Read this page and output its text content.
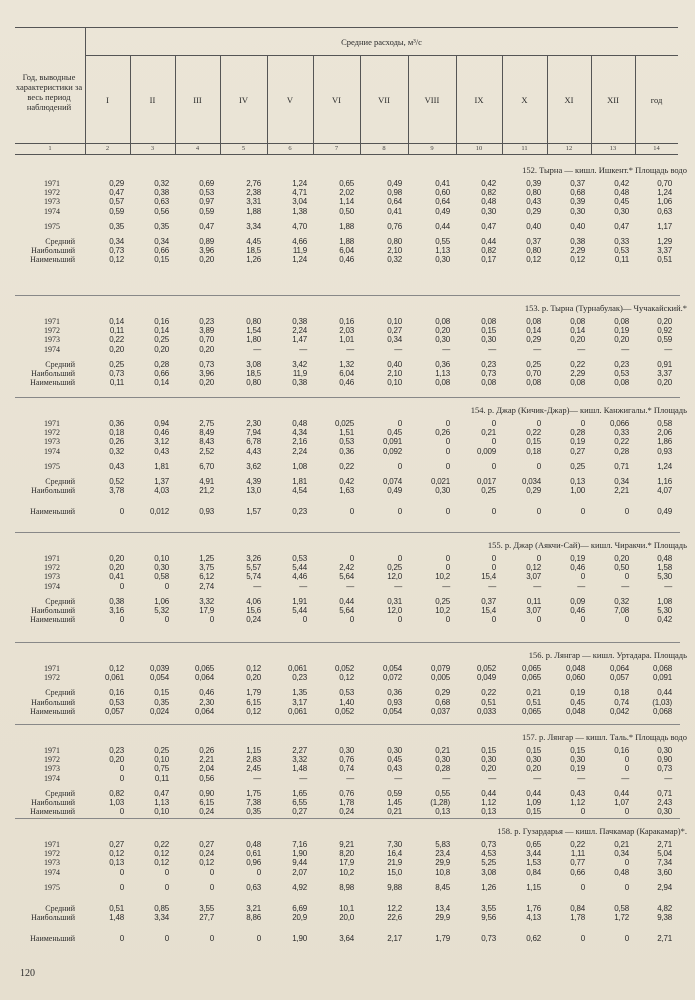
Год, выводные характеристики за весь период наблюдений
Средние расходы, м³/с
I	II	III	IV	V	VI	VII	VIII	IX	X	XI	XII	год
1	2	3	4	5	6	7	8	9	10	11	12	13	14
152. Тырна — кишл. Ишкент.* Площадь водо
1971	0,29	0,32	0,69	2,76	1,24	0,65	0,49	0,41	0,42	0,39	0,37	0,42	0,70
1972	0,47	0,38	0,53	2,38	4,71	2,02	0,98	0,60	0,82	0,80	0,68	0,48	1,24
1973	0,57	0,63	0,97	3,31	3,04	1,14	0,64	0,64	0,48	0,43	0,39	0,45	1,06
1974	0,59	0,56	0,59	1,88	1,38	0,50	0,41	0,49	0,30	0,29	0,30	0,30	0,63
1975	0,35	0,35	0,47	3,34	4,70	1,88	0,76	0,44	0,47	0,40	0,40	0,47	1,17
Средний	0,34	0,34	0,89	4,45	4,66	1,88	0,80	0,55	0,44	0,37	0,38	0,33	1,29
Наибольший	0,73	0,66	3,96	18,5	11,9	6,04	2,10	1,13	0,82	0,80	2,29	0,53	3,37
Наименьший	0,12	0,15	0,20	1,26	1,24	0,46	0,32	0,30	0,17	0,12	0,12	0,11	0,51
153. р. Тырна (Турнабулак)— Чучакайский.*
1971	0,14	0,16	0,23	0,80	0,38	0,16	0,10	0,08	0,08	0,08	0,08	0,08	0,20
1972	0,11	0,14	3,89	1,54	2,24	2,03	0,27	0,20	0,15	0,14	0,14	0,19	0,92
1973	0,22	0,25	0,70	1,80	1,47	1,01	0,34	0,30	0,30	0,29	0,20	0,20	0,59
1974	0,20	0,20	0,20	—	—	—	—	—	—	—	—	—	—
Средний	0,25	0,28	0,73	3,08	3,42	1,32	0,40	0,36	0,23	0,25	0,22	0,23	0,91
Наибольший	0,73	0,66	3,96	18,5	11,9	6,04	2,10	1,13	0,73	0,70	2,29	0,53	3,37
Наименьший	0,11	0,14	0,20	0,80	0,38	0,46	0,10	0,08	0,08	0,08	0,08	0,08	0,20
154. р. Джар (Кичик-Джар)— кишл. Канжигалы.* Площадь
1971	0,36	0,94	2,75	2,30	0,48	0,025	0	0	0	0	0	0,066	0,58
1972	0,18	0,46	8,49	7,94	4,34	1,51	0,45	0,26	0,21	0,22	0,28	0,33	2,06
1973	0,26	3,12	8,43	6,78	2,16	0,53	0,091	0	0	0,15	0,19	0,22	1,86
1974	0,32	0,43	2,52	4,43	2,24	0,36	0,092	0	0,009	0,18	0,27	0,28	0,93
1975	0,43	1,81	6,70	3,62	1,08	0,22	0	0	0	0	0,25	0,71	1,24
Средний	0,52	1,37	4,91	4,39	1,81	0,42	0,074	0,021	0,017	0,034	0,13	0,34	1,16
Наибольший	3,78	4,03	21,2	13,0	4,54	1,63	0,49	0,30	0,25	0,29	1,00	2,21	4,07
Наименьший	0	0,012	0,93	1,57	0,23	0	0	0	0	0	0	0	0,49
155. р. Джар (Аякчи-Сай)— кишл. Чиракчи.* Площадь
1971	0,20	0,10	1,25	3,26	0,53	0	0	0	0	0	0,19	0,20	0,48
1972	0,20	0,30	3,75	5,57	5,44	2,42	0,25	0	0	0,12	0,46	0,50	1,58
1973	0,41	0,58	6,12	5,74	4,46	5,64	12,0	10,2	15,4	3,07	0	0	5,30
1974	0	0	2,74	—	—	—	—	—	—	—	—	—	—
Средний	0,38	1,06	3,32	4,06	1,91	0,44	0,31	0,25	0,37	0,11	0,09	0,32	1,08
Наибольший	3,16	5,32	17,9	15,6	5,44	5,64	12,0	10,2	15,4	3,07	0,46	7,08	5,30
Наименьший	0	0	0	0,24	0	0	0	0	0	0	0	0	0,42
156. р. Лянгар — кишл. Уртадара. Площадь
1971	0,12	0,039	0,065	0,12	0,061	0,052	0,054	0,079	0,052	0,065	0,048	0,064	0,068
1972	0,061	0,054	0,064	0,20	0,23	0,12	0,072	0,005	0,049	0,065	0,060	0,057	0,091
Средний	0,16	0,15	0,46	1,79	1,35	0,53	0,36	0,29	0,22	0,21	0,19	0,18	0,44
Наибольший	0,53	0,35	2,30	6,15	3,17	1,40	0,93	0,68	0,51	0,51	0,45	0,74	(1,03)
Наименьший	0,057	0,024	0,064	0,12	0,061	0,052	0,054	0,037	0,033	0,065	0,048	0,042	0,068
157. р. Лянгар — кишл. Таль.* Площадь водо
1971	0,23	0,25	0,26	1,15	2,27	0,30	0,30	0,21	0,15	0,15	0,15	0,16	0,30
1972	0,20	0,10	2,21	2,83	3,32	0,76	0,45	0,30	0,30	0,30	0,30	0	0,90
1973	0	0,75	2,04	2,45	1,48	0,74	0,43	0,28	0,20	0,20	0,19	0	0,73
1974	0	0,11	0,56	—	—	—	—	—	—	—	—	—	—
Средний	0,82	0,47	0,90	1,75	1,65	0,76	0,59	0,55	0,44	0,44	0,43	0,44	0,71
Наибольший	1,03	1,13	6,15	7,38	6,55	1,78	1,45	(1,28)	1,12	1,09	1,12	1,07	2,43
Наименьший	0	0,10	0,24	0,35	0,27	0,24	0,21	0,13	0,13	0,15	0	0	0,30
158. р. Гузардарья — кишл. Пачкамар (Каракамар)*.
1971	0,27	0,22	0,27	0,48	7,16	9,21	7,30	5,83	0,73	0,65	0,22	0,21	2,71
1972	0,12	0,12	0,24	0,61	1,90	8,20	16,4	23,4	4,53	3,44	1,11	0,34	5,04
1973	0,13	0,12	0,12	0,96	9,44	17,9	21,9	29,9	5,25	1,53	0,77	0	7,34
1974	0	0	0	0	2,07	10,2	15,0	10,8	3,08	0,84	0,66	0,48	3,60
1975	0	0	0	0,63	4,92	8,98	9,88	8,45	1,26	1,15	0	0	2,94
Средний	0,51	0,85	3,55	3,21	6,69	10,1	12,2	13,4	3,55	1,76	0,84	0,58	4,82
Наибольший	1,48	3,34	27,7	8,86	20,9	20,0	22,6	29,9	9,56	4,13	1,78	1,72	9,38
Наименьший	0	0	0	0	1,90	3,64	2,17	1,79	0,73	0,62	0	0	2,71
120
